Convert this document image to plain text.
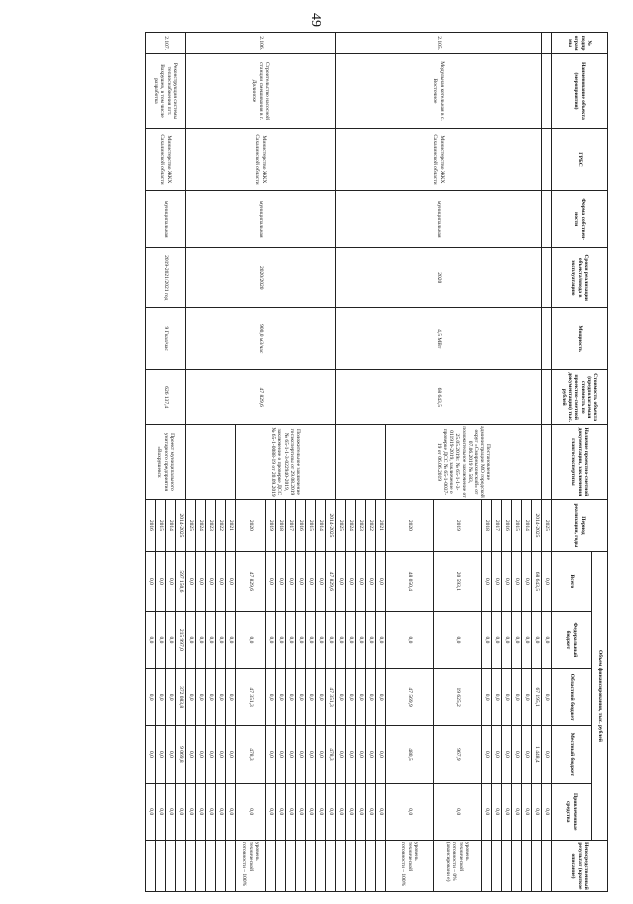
49
№ подпр ограм мы	Наименование объекта (мероприятия)	ГРБС	Форма собствен- ности	Сроки реализации объекта/ввода в эксплуатацию	Мощность	Стоимость объекта (предполагаемая стоимость по проектно-сметной документации) тыс. рублей	Наличие проектно-сметной документации, заключения главгосэкспертизы	Период реализации, годы	Объем финансирования, тыс. рублей					Непосредственный результат (краткое описание)
									Всего	Федеральный бюджет	Областной бюджет	Местный бюджет	Привлеченные средства	
								2025	0,0	0,0	0,0	0,0	0,0	
2.105.	Модульная котельная в с. Восточное	Министерство ЖКХ Сахалинской области	муниципальная	2020	4,5 МВт	68 643,5	Постановление администрации МО городской округ «Смирныховский» от 07.06.2019 № 583, положительное заключение от 25.05.2019г. № 65-1-1-3-011919-2019, заключение о проверке ДСС № 65-1-0037-19 от 06.06.2019	2014-2025	68 643,5	0,0	67 195,1	1 448,4	0,0	
								2014	0,0	0,0	0,0	0,0	0,0	
								2015	0,0	0,0	0,0	0,0	0,0	
								2016	0,0	0,0	0,0	0,0	0,0	
								2017	0,0	0,0	0,0	0,0	0,0	
								2018	0,0	0,0	0,0	0,0	0,0	
								2019	20 593,1	0,0	19 625,2	967,9	0,0	уровень технической готовности – 0% (авансировани е)
								2020	48 050,4	0,0	47 569,9	480,5	0,0	уровень технической готовности – 100%
								2021	0,0	0,0	0,0	0,0	0,0	
								2022	0,0	0,0	0,0	0,0	0,0	
								2023	0,0	0,0	0,0	0,0	0,0	
								2024	0,0	0,0	0,0	0,0	0,0	
								2025	0,0	0,0	0,0	0,0	0,0	
2.106.	Строительство насосной станции смешивания в г. Долинске	Министерство ЖКХ Сахалинской области	муниципальная	2020/2020	900,0 м3/час	47 829,6	Положительное заключение госэкспертизы от 29.08.2019 № 65-1-1-3-022940-2019, заключение о проверке ДСС № 65-1-0088-19 от 20.09.2019	2014-2025	47 829,6	0,0	47 351,3	478,3	0,0	
								2014	0,0	0,0	0,0	0,0	0,0	
								2015	0,0	0,0	0,0	0,0	0,0	
								2016	0,0	0,0	0,0	0,0	0,0	
								2017	0,0	0,0	0,0	0,0	0,0	
								2018	0,0	0,0	0,0	0,0	0,0	
								2019	0,0	0,0	0,0	0,0	0,0	
								2020	47 829,6	0,0	47 351,3	478,3	0,0	уровень технической готовности – 100%
								2021	0,0	0,0	0,0	0,0	0,0	
								2022	0,0	0,0	0,0	0,0	0,0	
								2023	0,0	0,0	0,0	0,0	0,0	
								2024	0,0	0,0	0,0	0,0	0,0	
								2025	0,0	0,0	0,0	0,0	0,0	
2.107.	Реконструкция системы теплоснабжения пгт. Вахрушев, в том числе разработка	Министерство ЖКХ Сахалинской области	муниципальная	2019-2021/2021 год	9 Гкал/час	626 137,4	Проект муниципального унитарного предприятия «Вахрушевск	2014-2025	597 150,6	215 997,0	372 083,8	9 069,8	0,0	
								2014	0,0	0,0	0,0	0,0	0,0	
								2015	0,0	0,0	0,0	0,0	0,0	
								2016	0,0	0,0	0,0	0,0	0,0	
